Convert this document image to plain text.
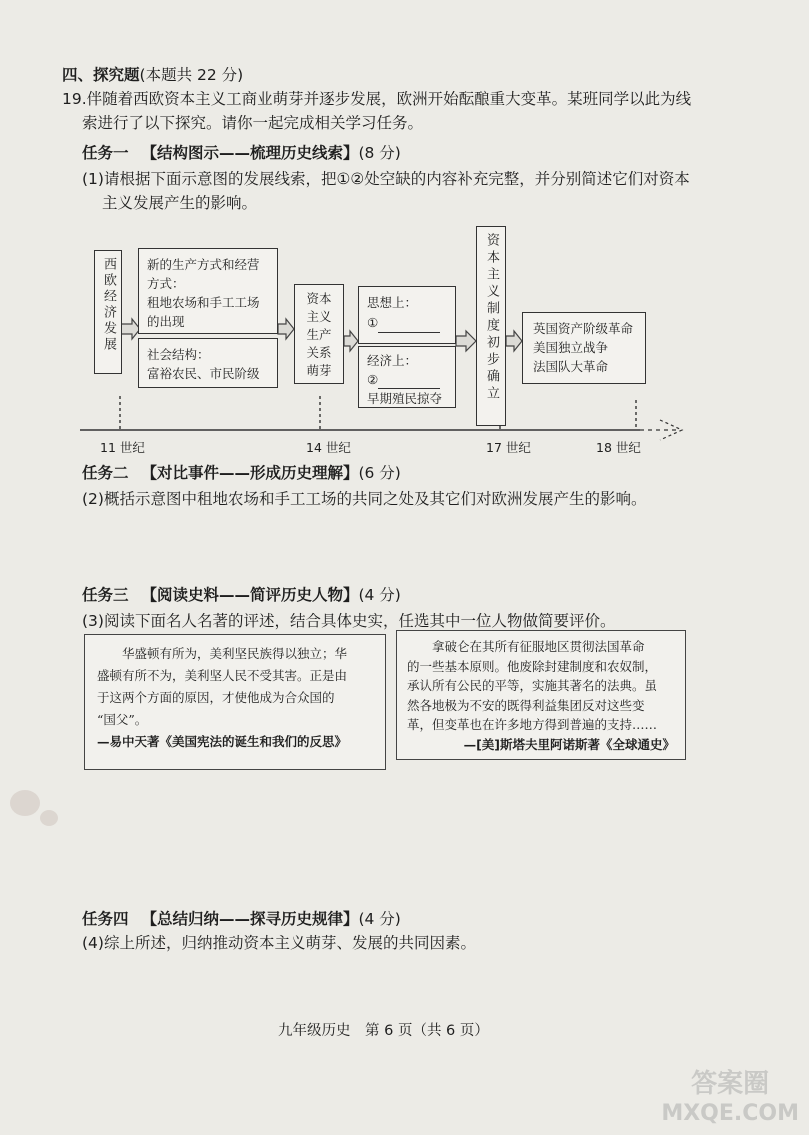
四、探究题(本题共 22 分)
19.伴随着西欧资本主义工商业萌芽并逐步发展，欧洲开始酝酿重大变革。某班同学以此为线
索进行了以下探究。请你一起完成相关学习任务。
任务一 【结构图示——梳理历史线索】(8 分)
(1)请根据下面示意图的发展线索，把①②处空缺的内容补充完整，并分别简述它们对资本
主义发展产生的影响。
西欧经济发展	新的生产方式和经营
方式：
租地农场和手工工场
的出现
社会结构：
富裕农民、市民阶级
资本
主义
生产
关系
萌芽
思想上：
①
经济上：
②
早期殖民掠夺	资本主义制度初步确立	英国资产阶级革命
美国独立战争
法国队大革命
11 世纪	14 世纪	17 世纪	18 世纪
任务二 【对比事件——形成历史理解】(6 分)
(2)概括示意图中租地农场和手工工场的共同之处及其它们对欧洲发展产生的影响。
任务三 【阅读史料——简评历史人物】(4 分)
(3)阅读下面名人名著的评述，结合具体史实，任选其中一位人物做简要评价。
华盛顿有所为，美利坚民族得以独立；华
盛顿有所不为，美利坚人民不受其害。正是由
于这两个方面的原因，才使他成为合众国的
“国父”。
—易中天著《美国宪法的诞生和我们的反思》
拿破仑在其所有征服地区贯彻法国革命
的一些基本原则。他废除封建制度和农奴制，
承认所有公民的平等，实施其著名的法典。虽
然各地极为不安的既得利益集团反对这些变
革，但变革也在许多地方得到普遍的支持……
—[美]斯塔夫里阿诺斯著《全球通史》
任务四 【总结归纳——探寻历史规律】(4 分)
(4)综上所述，归纳推动资本主义萌芽、发展的共同因素。
九年级历史　第 6 页（共 6 页）
答案圈
MXQE.COM
